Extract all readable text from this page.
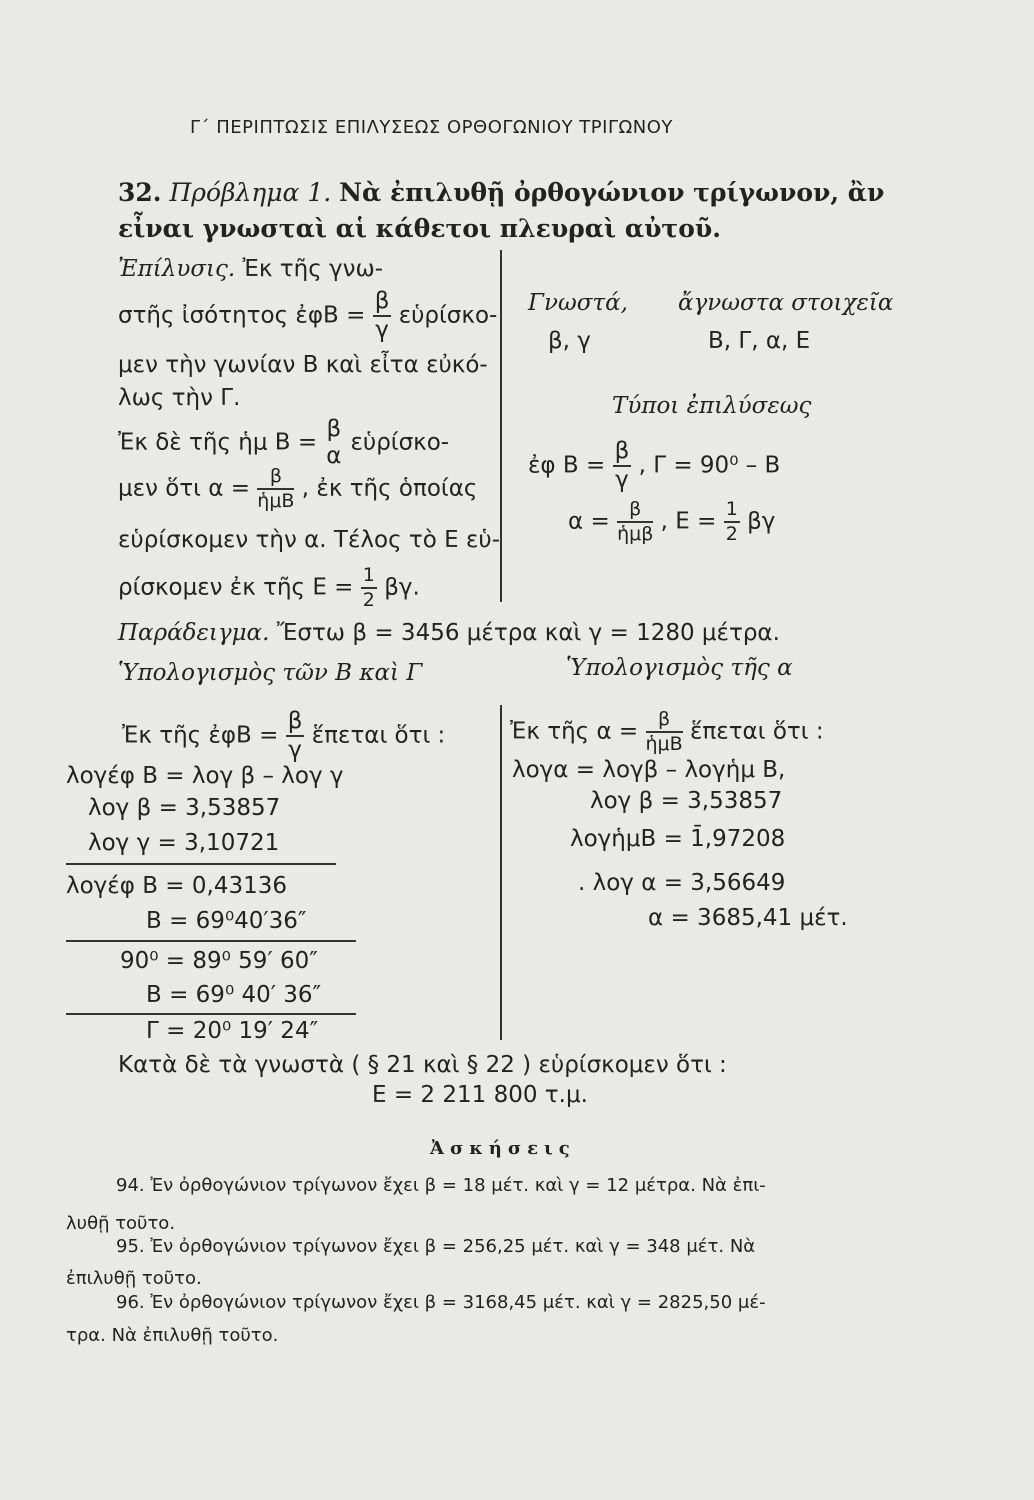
Γ΄ ΠΕΡΙΠΤΩΣΙΣ ΕΠΙΛΥΣΕΩΣ ΟΡΘΟΓΩΝΙΟΥ ΤΡΙΓΩΝΟΥ
32. Πρόβλημα 1. Νὰ ἐπιλυθῇ ὀρθογώνιον τρίγωνον, ἂν
εἶναι γνωσταὶ αἱ κάθετοι πλευραὶ αὐτοῦ.
Ἐπίλυσις. Ἐκ τῆς γνω-
στῆς ἰσότητος ἐφΒ = $\frac{\beta}{\gamma}$ εὑρίσκο-
μεν τὴν γωνίαν Β καὶ εἶτα εὐκό-
λως τὴν Γ.
Ἐκ δὲ τῆς ἡμ Β =
β
α
εὑρίσκο-
μεν ὅτι $\alpha = \frac{\beta}{\text{ἡμΒ}}$ , ἐκ τῆς ὁποίας
εὑρίσκομεν τὴν α. Τέλος τὸ Ε εὑ-
ρίσκομεν ἐκ τῆς $E = \frac{1}{2} \beta\gamma$.
Γνωστά, ἄγνωστα στοιχεῖα
β, γ	Β, Γ, α, Ε
Τύποι ἐπιλύσεως
ἐφ $B = \frac{\beta}{\gamma}$ , Γ = 90⁰ – Β
$\alpha = \frac{\beta}{\text{ἡμβ}}$ , $E = \frac{1}{2}$ βγ
Παράδειγμα. Ἔστω β = 3456 μέτρα καὶ γ = 1280 μέτρα.
Ὑπολογισμὸς τῶν Β καὶ Γ	Ὑπολογισμὸς τῆς α
Ἐκ τῆς ἐφΒ = $\frac{\beta}{\gamma}$ ἕπεται ὅτι :
λογέφ Β = λογ β – λογ γ
λογ β = 3,53857
λογ γ = 3,10721
λογέφ Β = 0,43136
Β = 69⁰40′36″
90⁰ = 89⁰ 59′ 60″
Β = 69⁰ 40′ 36″
Γ = 20⁰ 19′ 24″
Ἐκ τῆς $\alpha = \frac{\beta}{\text{ἡμΒ}}$ ἕπεται ὅτι :
λογα = λογβ – λογἡμ Β,
λογ β = 3,53857
λογἡμΒ = 1̄,97208
. λογ α = 3,56649
α = 3685,41 μέτ.
Κατὰ δὲ τὰ γνωστὰ ( § 21 καὶ § 22 ) εὑρίσκομεν ὅτι :
Ε = 2 211 800 τ.μ.
Ἀσκήσεις
94. Ἐν ὀρθογώνιον τρίγωνον ἔχει β = 18 μέτ. καὶ γ = 12 μέτρα. Νὰ ἐπι-
λυθῇ τοῦτο.
95. Ἐν ὀρθογώνιον τρίγωνον ἔχει β = 256,25 μέτ. καὶ γ = 348 μέτ. Νὰ
ἐπιλυθῇ τοῦτο.
96. Ἐν ὀρθογώνιον τρίγωνον ἔχει β = 3168,45 μέτ. καὶ γ = 2825,50 μέ-
τρα. Νὰ ἐπιλυθῇ τοῦτο.
